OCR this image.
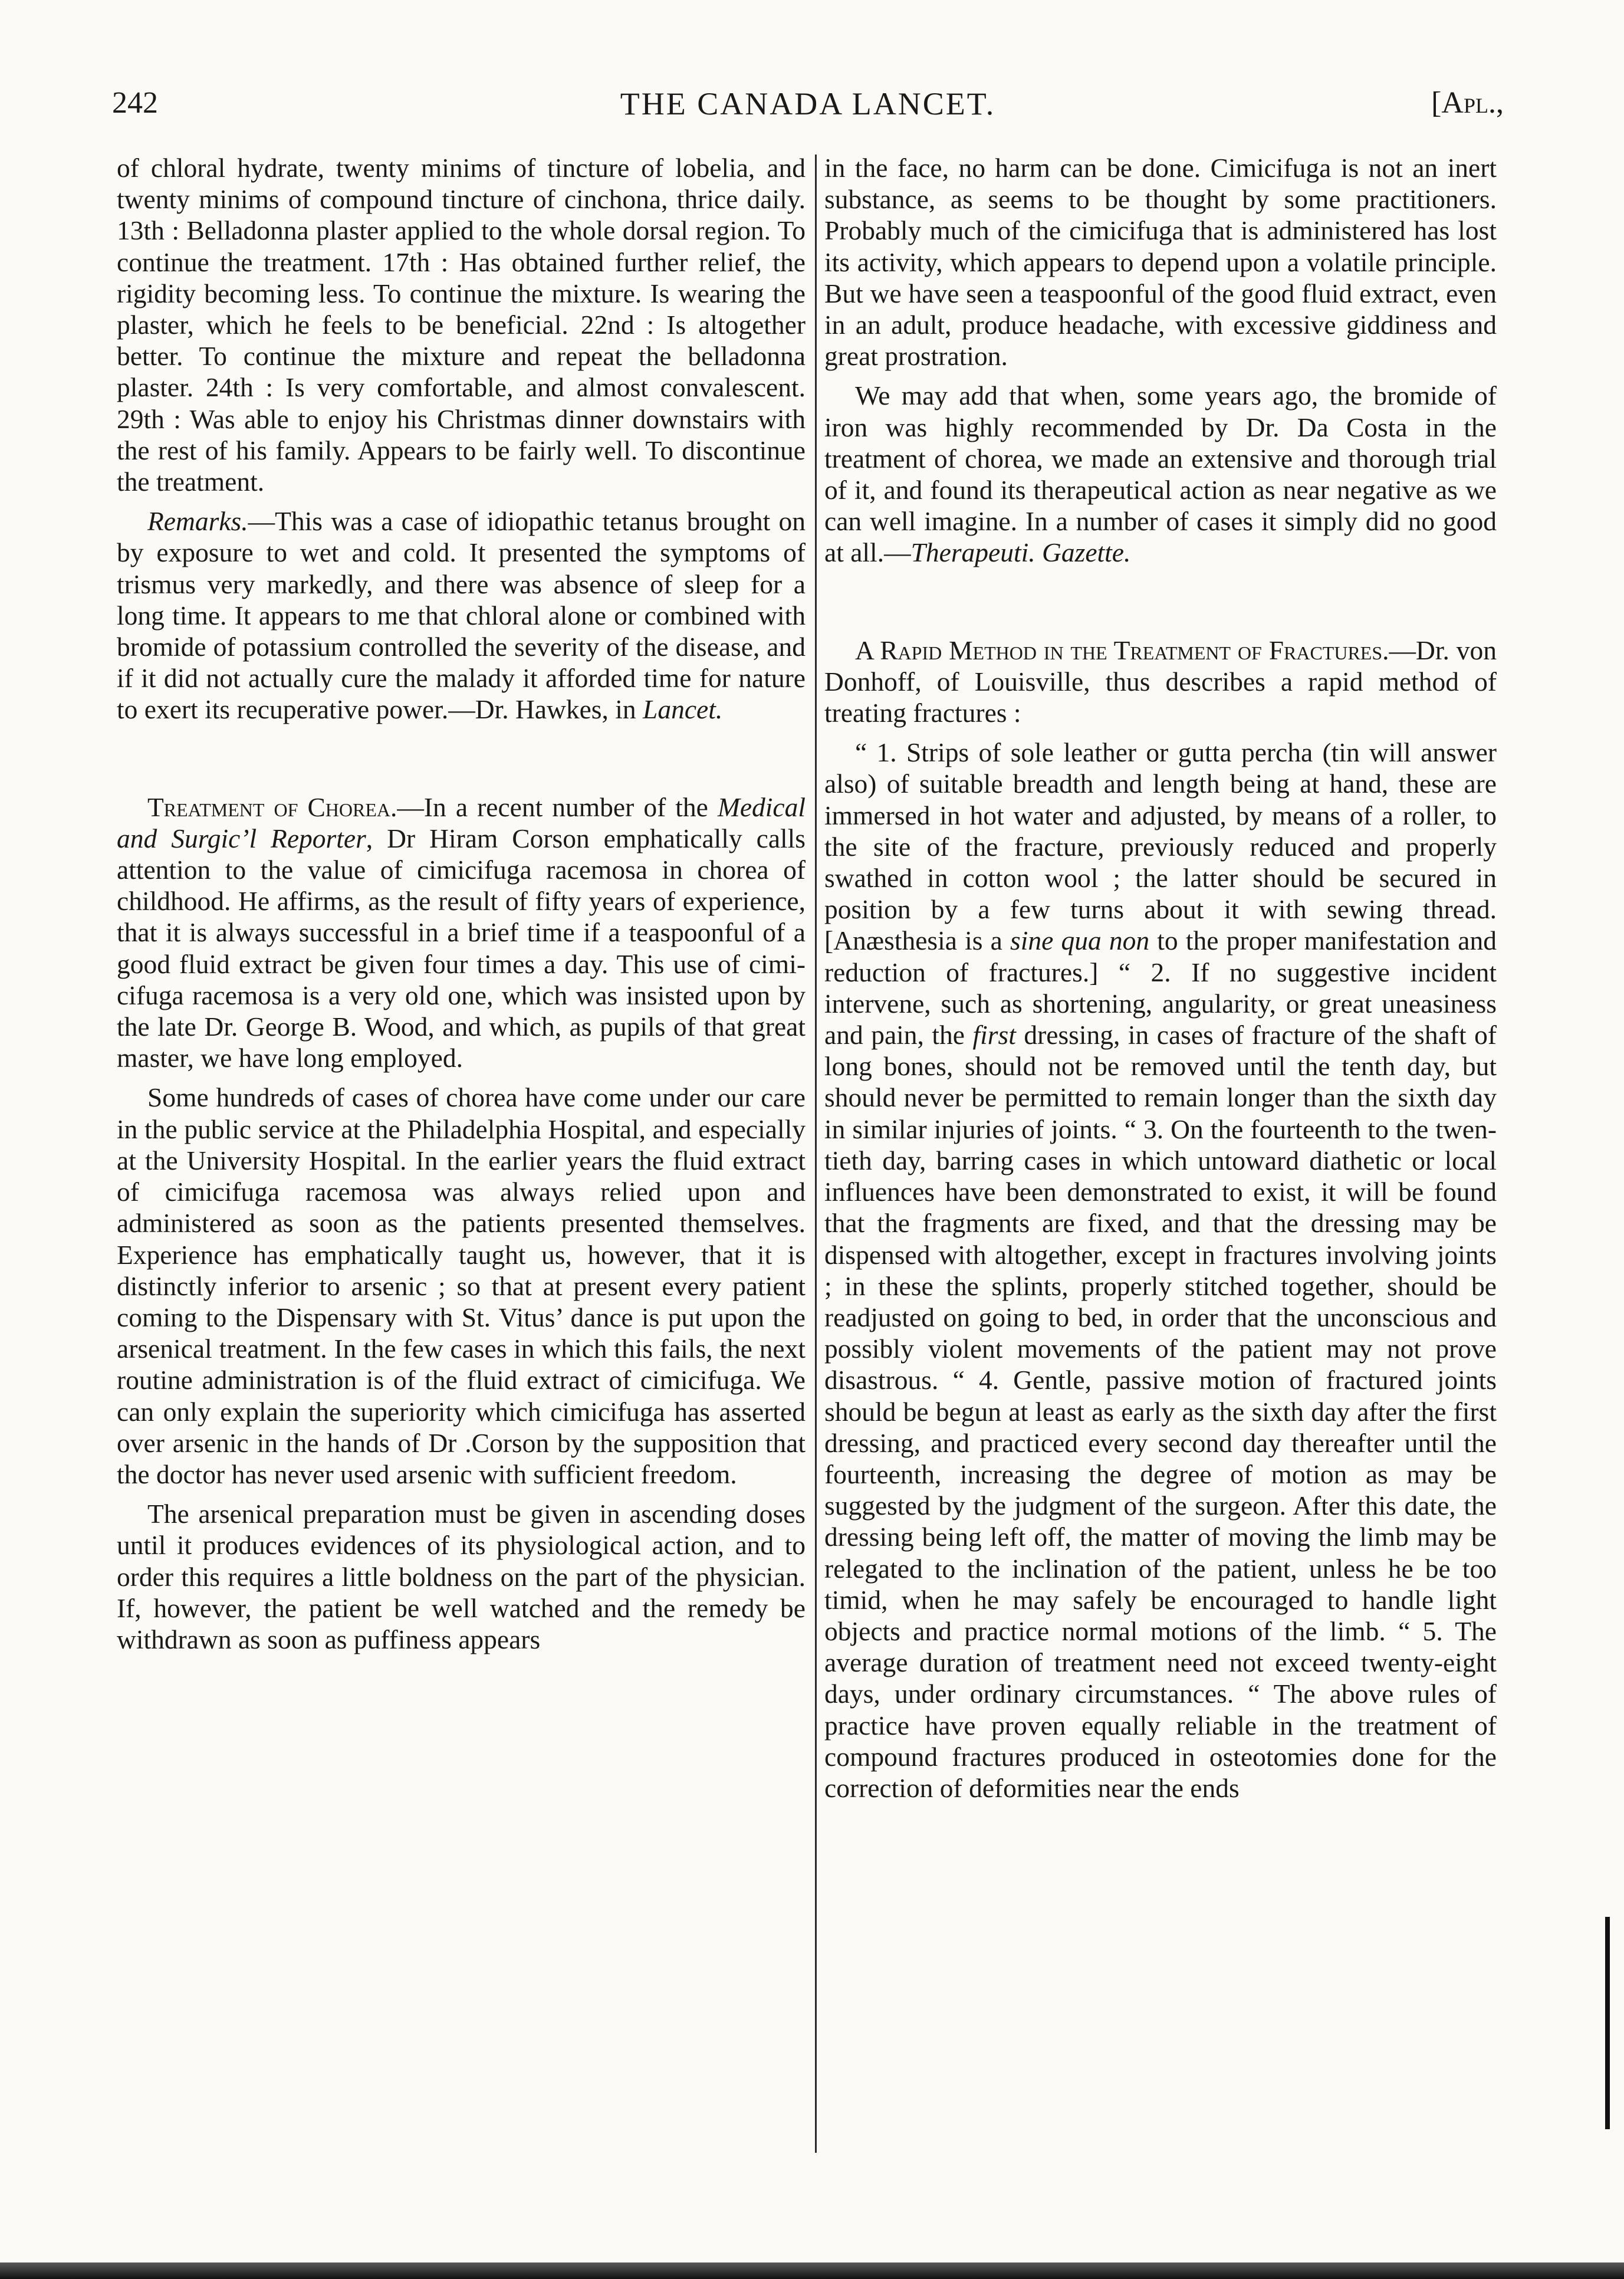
242	THE CANADA LANCET.	[Apl.,

of chloral hydrate, twenty minims of tincture of lobelia, and twenty minims of compound tincture of cinchona, thrice daily. 13th : Belladonna plaster applied to the whole dorsal region. To continue the treatment. 17th : Has obtained further relief, the rigidity becoming less. To continue the mixture. Is wearing the plaster, which he feels to be beneficial. 22nd : Is altogether better. To continue the mixture and repeat the belladonna plaster. 24th : Is very comfortable, and almost convalescent. 29th : Was able to enjoy his Christmas dinner downstairs with the rest of his family. Appears to be fairly well. To discontinue the treatment.

Remarks.—This was a case of idiopathic tetanus brought on by exposure to wet and cold. It presented the symptoms of trismus very markedly, and there was absence of sleep for a long time. It appears to me that chloral alone or combined with bromide of potassium controlled the severity of the disease, and if it did not actually cure the malady it afforded time for nature to exert its recuperative power.—Dr. Hawkes, in Lancet.

Treatment of Chorea.—In a recent number of the Medical and Surgic’l Reporter, Dr Hiram Corson emphatically calls attention to the value of cimicifuga racemosa in chorea of childhood. He affirms, as the result of fifty years of experience, that it is always successful in a brief time if a teaspoonful of a good fluid extract be given four times a day. This use of cimicifuga racemosa is a very old one, which was insisted upon by the late Dr. George B. Wood, and which, as pupils of that great master, we have long employed.

Some hundreds of cases of chorea have come under our care in the public service at the Philadelphia Hospital, and especially at the University Hospital. In the earlier years the fluid extract of cimicifuga racemosa was always relied upon and administered as soon as the patients presented themselves. Experience has emphatically taught us, however, that it is distinctly inferior to arsenic ; so that at present every patient coming to the Dispensary with St. Vitus’ dance is put upon the arsenical treatment. In the few cases in which this fails, the next routine administration is of the fluid extract of cimicifuga. We can only explain the superiority which cimicifuga has asserted over arsenic in the hands of Dr .Corson by the supposition that the doctor has never used arsenic with sufficient freedom.

The arsenical preparation must be given in ascending doses until it produces evidences of its physiological action, and to order this requires a little boldness on the part of the physician. If, however, the patient be well watched and the remedy be withdrawn as soon as puffiness appears

in the face, no harm can be done. Cimicifuga is not an inert substance, as seems to be thought by some practitioners. Probably much of the cimicifuga that is administered has lost its activity, which appears to depend upon a volatile principle. But we have seen a teaspoonful of the good fluid extract, even in an adult, produce headache, with excessive giddiness and great prostration.

We may add that when, some years ago, the bromide of iron was highly recommended by Dr. Da Costa in the treatment of chorea, we made an extensive and thorough trial of it, and found its therapeutical action as near negative as we can well imagine. In a number of cases it simply did no good at all.—Therapeuti. Gazette.

A Rapid Method in the Treatment of Fractures.—Dr. von Donhoff, of Louisville, thus describes a rapid method of treating fractures :

“ 1. Strips of sole leather or gutta percha (tin will answer also) of suitable breadth and length being at hand, these are immersed in hot water and adjusted, by means of a roller, to the site of the fracture, previously reduced and properly swathed in cotton wool ; the latter should be secured in position by a few turns about it with sewing thread. [Anæsthesia is a sine qua non to the proper manifestation and reduction of fractures.] “ 2. If no suggestive incident intervene, such as shortening, angularity, or great uneasiness and pain, the first dressing, in cases of fracture of the shaft of long bones, should not be removed until the tenth day, but should never be permitted to remain longer than the sixth day in similar injuries of joints. “ 3. On the fourteenth to the twentieth day, barring cases in which untoward diathetic or local influences have been demonstrated to exist, it will be found that the fragments are fixed, and that the dressing may be dispensed with altogether, except in fractures involving joints ; in these the splints, properly stitched together, should be readjusted on going to bed, in order that the unconscious and possibly violent movements of the patient may not prove disastrous. “ 4. Gentle, passive motion of fractured joints should be begun at least as early as the sixth day after the first dressing, and practiced every second day thereafter until the fourteenth, increasing the degree of motion as may be suggested by the judgment of the surgeon. After this date, the dressing being left off, the matter of moving the limb may be relegated to the inclination of the patient, unless he be too timid, when he may safely be encouraged to handle light objects and practice normal motions of the limb. “ 5. The average duration of treatment need not exceed twenty-eight days, under ordinary circumstances. “ The above rules of practice have proven equally reliable in the treatment of compound fractures produced in osteotomies done for the correction of deformities near the ends
